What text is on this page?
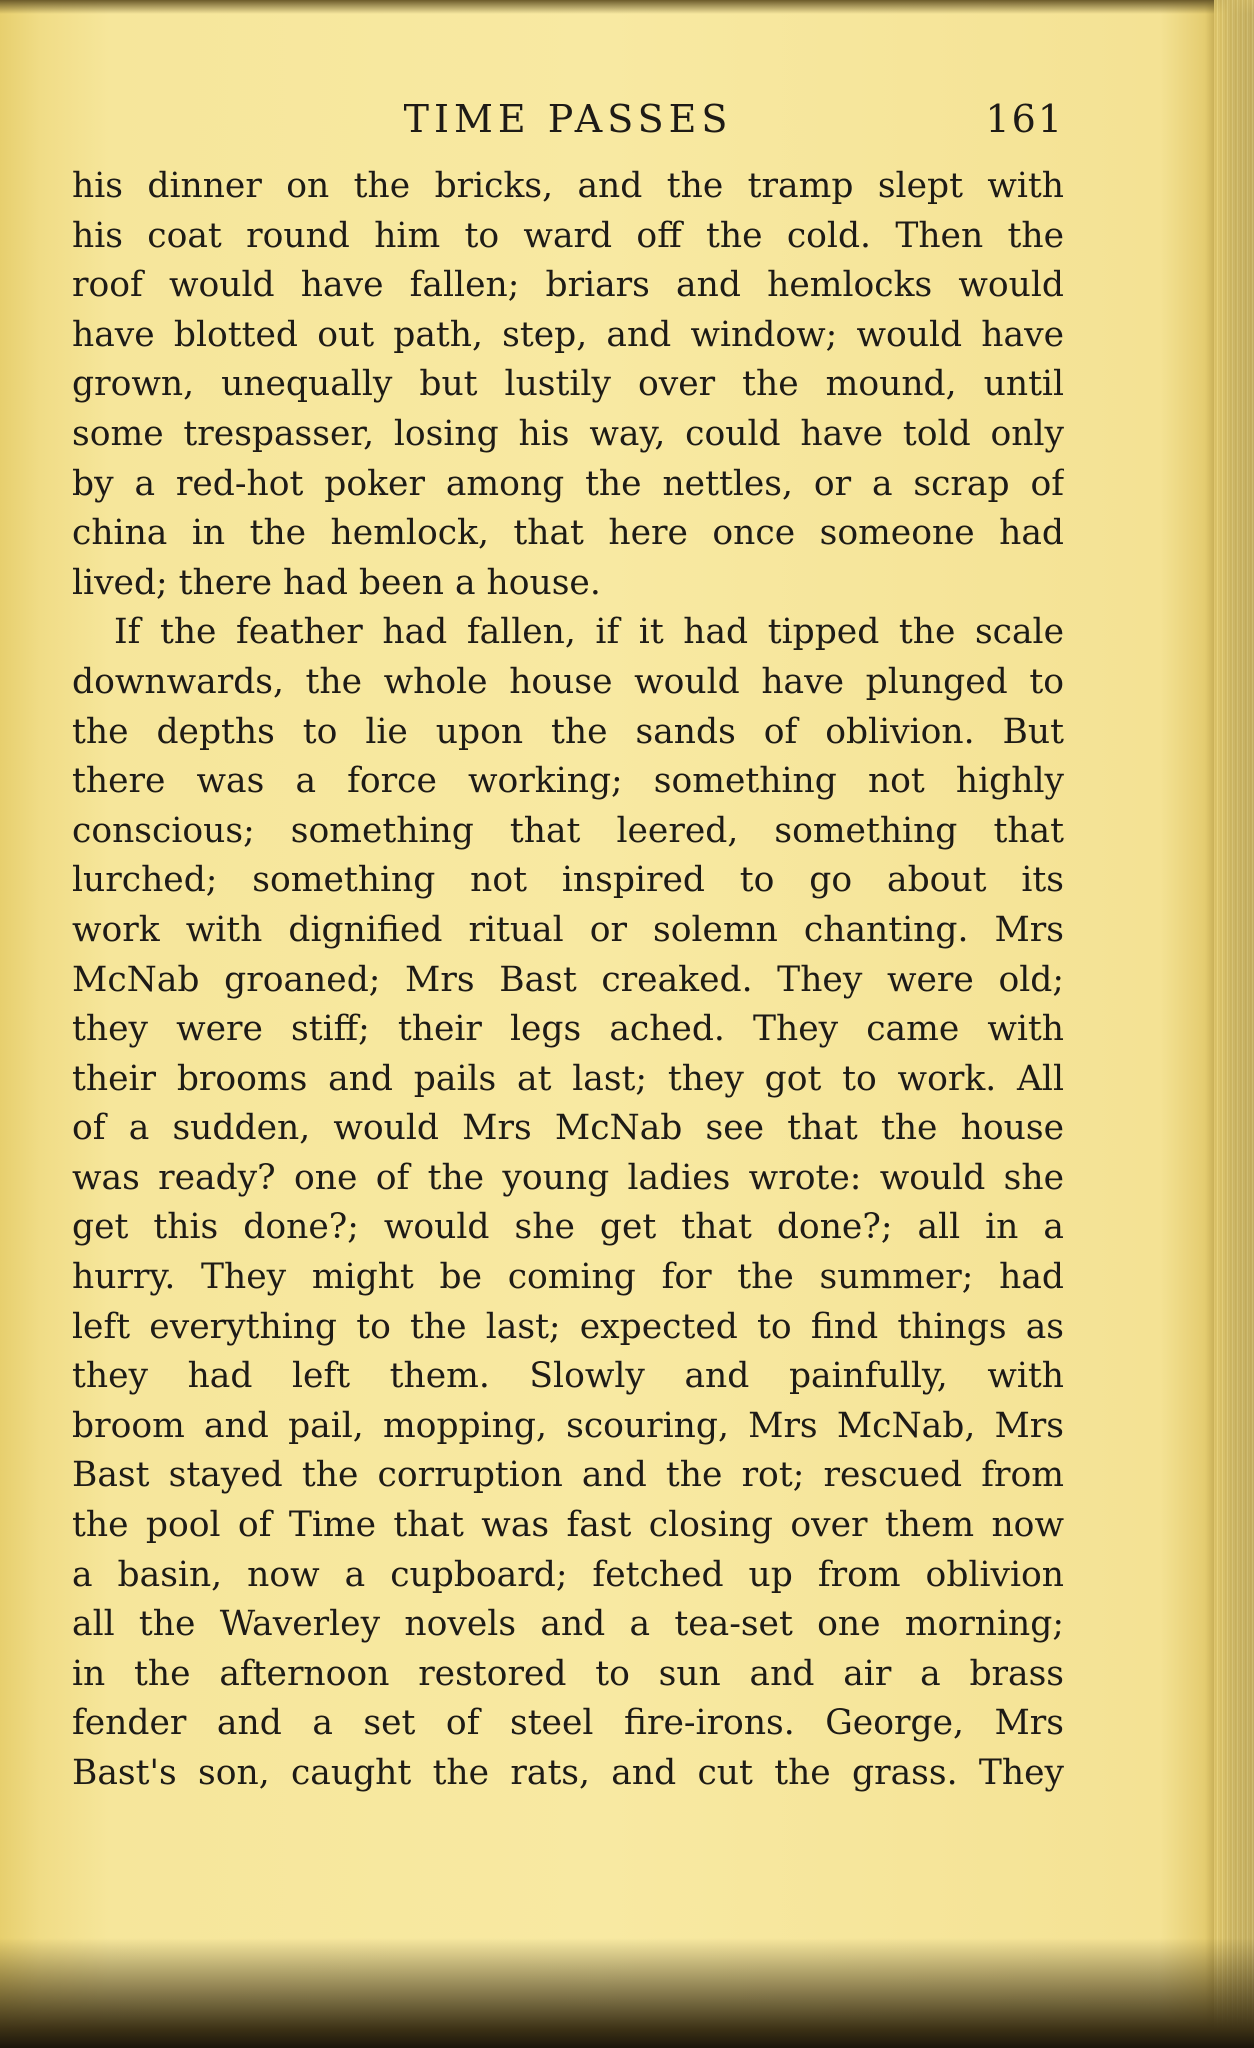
TIME PASSES	161
his dinner on the bricks, and the tramp slept with
his coat round him to ward off the cold. Then the
roof would have fallen; briars and hemlocks would
have blotted out path, step, and window; would have
grown, unequally but lustily over the mound, until
some trespasser, losing his way, could have told only
by a red-hot poker among the nettles, or a scrap of
china in the hemlock, that here once someone had
lived; there had been a house.
If the feather had fallen, if it had tipped the scale
downwards, the whole house would have plunged to
the depths to lie upon the sands of oblivion. But
there was a force working; something not highly
conscious; something that leered, something that
lurched; something not inspired to go about its
work with dignified ritual or solemn chanting. Mrs
McNab groaned; Mrs Bast creaked. They were old;
they were stiff; their legs ached. They came with
their brooms and pails at last; they got to work. All
of a sudden, would Mrs McNab see that the house
was ready? one of the young ladies wrote: would she
get this done?; would she get that done?; all in a
hurry. They might be coming for the summer; had
left everything to the last; expected to find things as
they had left them. Slowly and painfully, with
broom and pail, mopping, scouring, Mrs McNab, Mrs
Bast stayed the corruption and the rot; rescued from
the pool of Time that was fast closing over them now
a basin, now a cupboard; fetched up from oblivion
all the Waverley novels and a tea-set one morning;
in the afternoon restored to sun and air a brass
fender and a set of steel fire-irons. George, Mrs
Bast's son, caught the rats, and cut the grass. They
